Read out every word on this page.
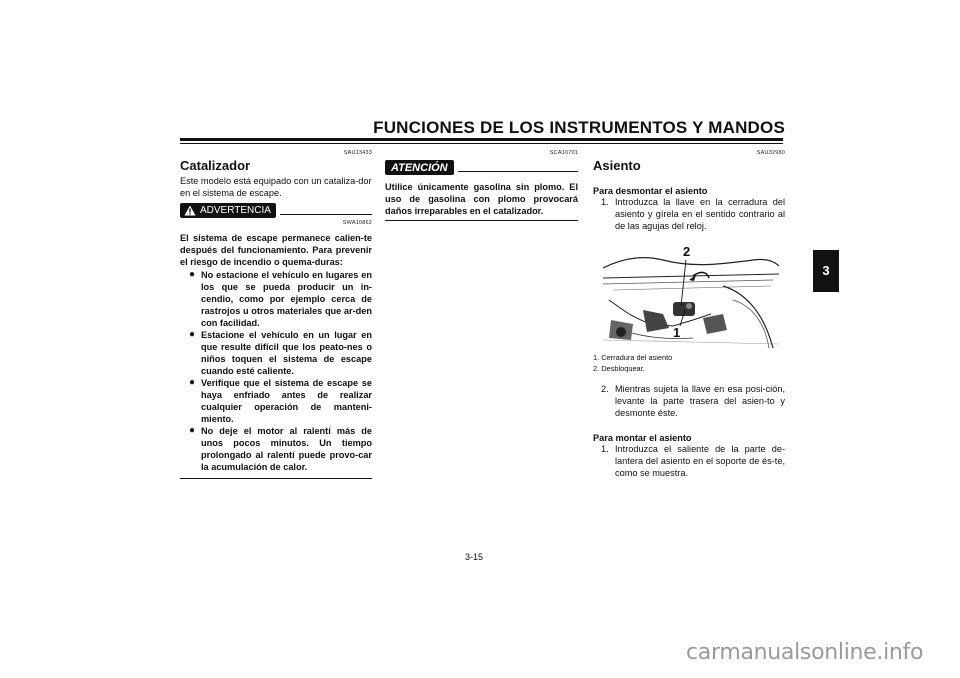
FUNCIONES DE LOS INSTRUMENTOS Y MANDOS
3
SAU13433
Catalizador
Este modelo está equipado con un cataliza-dor en el sistema de escape.
ADVERTENCIA
SWA10862
El sistema de escape permanece calien-te después del funcionamiento. Para prevenir el riesgo de incendio o quema-duras:
● No estacione el vehículo en lugares en los que se pueda producir un in-cendio, como por ejemplo cerca de rastrojos u otros materiales que ar-den con facilidad.
● Estacione el vehículo en un lugar en que resulte difícil que los peato-nes o niños toquen el sistema de escape cuando esté caliente.
● Verifique que el sistema de escape se haya enfriado antes de realizar cualquier operación de manteni-miento.
● No deje el motor al ralentí más de unos pocos minutos. Un tiempo prolongado al ralentí puede provo-car la acumulación de calor.
SCA10701
ATENCIÓN
Utilice únicamente gasolina sin plomo. El uso de gasolina con plomo provocará daños irreparables en el catalizador.
SAU32980
Asiento
Para desmontar el asiento
1. Introduzca la llave en la cerradura del asiento y gírela en el sentido contrario al de las agujas del reloj.
2
1
1. Cerradura del asiento
2. Desbloquear.
2. Mientras sujeta la llave en esa posi-ción, levante la parte trasera del asien-to y desmonte éste.
Para montar el asiento
1. Introduzca el saliente de la parte de-lantera del asiento en el soporte de és-te, como se muestra.
3-15
carmanualsonline.info
